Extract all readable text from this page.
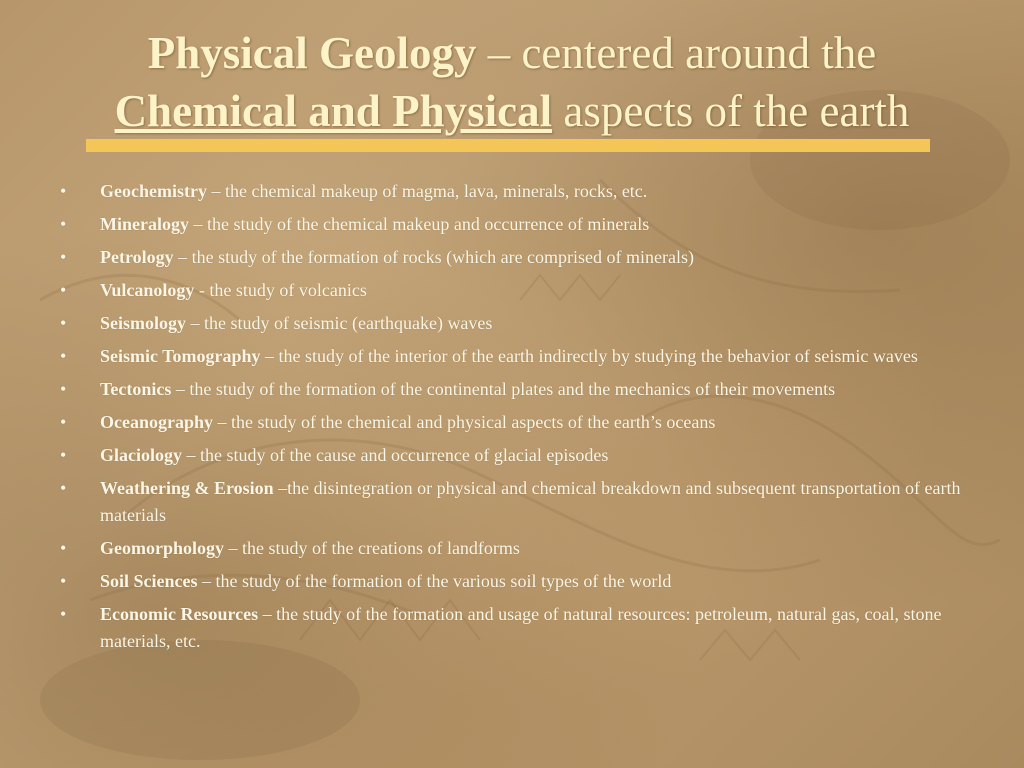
Physical Geology – centered around the
Chemical and Physical aspects of the earth
• Geochemistry – the chemical makeup of magma, lava, minerals, rocks, etc.
• Mineralogy – the study of the chemical makeup and occurrence of minerals
• Petrology – the study of the formation of rocks (which are comprised of minerals)
• Vulcanology - the study of volcanics
• Seismology – the study of seismic (earthquake) waves
• Seismic Tomography – the study of the interior of the earth indirectly by studying the behavior of seismic waves
• Tectonics – the study of the formation of the continental plates and the mechanics of their movements
• Oceanography – the study of the chemical and physical aspects of the earth’s oceans
• Glaciology – the study of the cause and occurrence of glacial episodes
• Weathering & Erosion –the disintegration or physical and chemical breakdown and subsequent transportation of earth materials
• Geomorphology – the study of the creations of landforms
• Soil Sciences – the study of the formation of the various soil types of the world
• Economic Resources – the study of the formation and usage of natural resources: petroleum, natural gas, coal, stone materials, etc.
